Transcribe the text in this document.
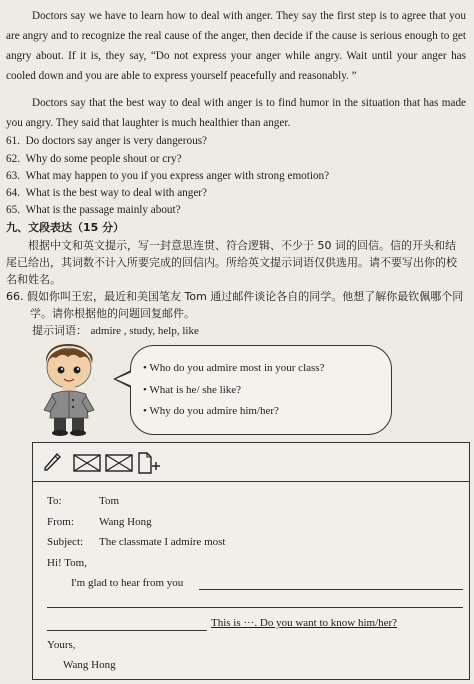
Doctors say we have to learn how to deal with anger. They say the first step is to agree that you are angry and to recognize the real cause of the anger, then decide if the cause is serious enough to get angry about. If it is, they say, “Do not express your anger while angry. Wait until your anger has cooled down and you are able to express yourself peacefully and reasonably. ”
Doctors say that the best way to deal with anger is to find humor in the situation that has made you angry. They said that laughter is much healthier than anger.
61. Do doctors say anger is very dangerous?
62. Why do some people shout or cry?
63. What may happen to you if you express anger with strong emotion?
64. What is the best way to deal with anger?
65. What is the passage mainly about?
九、文段表达（15 分）
根据中文和英文提示，写一封意思连贯、符合逻辑、不少于 50 词的回信。信的开头和结尾已给出，其词数不计入所要完成的回信内。所给英文提示词语仅供选用。请不要写出你的校名和姓名。
66. 假如你叫王宏，最近和美国笔友 Tom 通过邮件谈论各自的同学。他想了解你最钦佩哪个同学。请你根据他的问题回复邮件。
提示词语： admire , study, help, like
• Who do you admire most in your class?
• What is he/ she like?
• Why do you admire him/her?
To:	Tom
From: Wang Hong
Subject: The classmate I admire most
Hi! Tom,
I'm glad to hear from you
This is ···. Do you want to know him/her?
Yours,
Wang Hong
